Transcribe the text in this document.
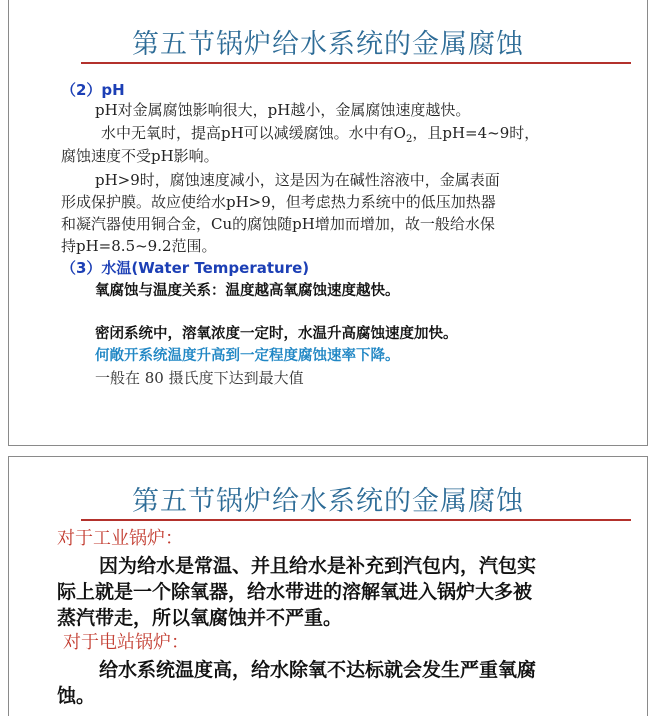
第五节锅炉给水系统的金属腐蚀
（2）pH
pH对金属腐蚀影响很大，pH越小，金属腐蚀速度越快。
水中无氧时，提高pH可以减缓腐蚀。水中有$O_2$，且pH=4~9时，
腐蚀速度不受pH影响。
pH>9时，腐蚀速度减小，这是因为在碱性溶液中，金属表面
形成保护膜。故应使给水pH>9，但考虑热力系统中的低压加热器
和凝汽器使用铜合金，Cu的腐蚀随pH增加而增加，故一般给水保
持pH=8.5~9.2范围。
（3）水温(Water Temperature)
氧腐蚀与温度关系：温度越高氧腐蚀速度越快。
密闭系统中，溶氧浓度一定时，水温升高腐蚀速度加快。
何敞开系统温度升高到一定程度腐蚀速率下降。
一般在 80 摄氏度下达到最大值
第五节锅炉给水系统的金属腐蚀
对于工业锅炉：
因为给水是常温、并且给水是补充到汽包内，汽包实
际上就是一个除氧器，给水带进的溶解氧进入锅炉大多被
蒸汽带走，所以氧腐蚀并不严重。
对于电站锅炉：
给水系统温度高，给水除氧不达标就会发生严重氧腐
蚀。
